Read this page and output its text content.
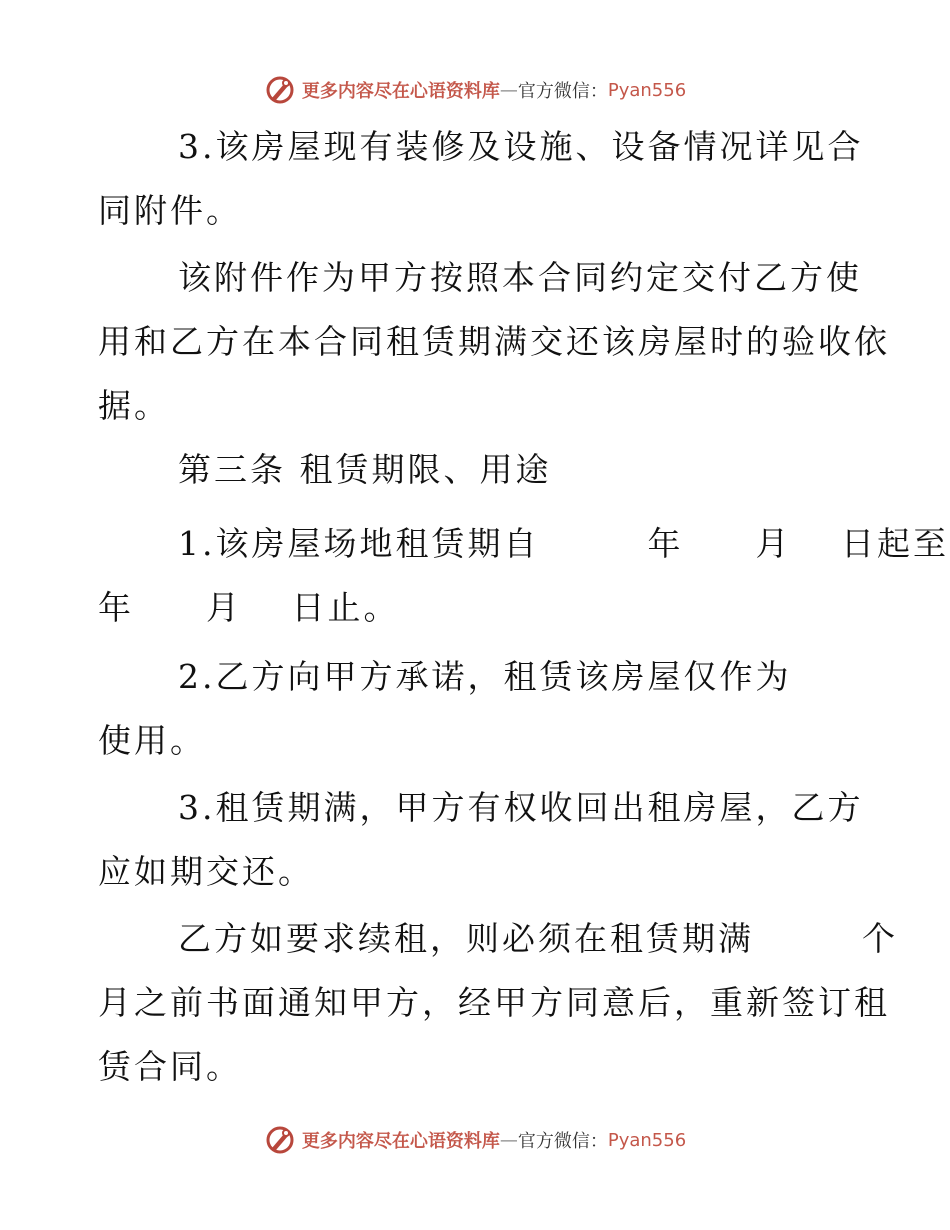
更多内容尽在心语资料库 — 官方微信： Pyan556
3.该房屋现有装修及设施、设备情况详见合
同附件。
该附件作为甲方按照本合同约定交付乙方使
用和乙方在本合同租赁期满交还该房屋时的验收依
据。
第三条 租赁期限、用途
1.该房屋场地租赁期自　　　年　　月　 日起至
年　　月　 日止。
2.乙方向甲方承诺，租赁该房屋仅作为
使用。
3.租赁期满，甲方有权收回出租房屋，乙方
应如期交还。
乙方如要求续租，则必须在租赁期满　　　个
月之前书面通知甲方，经甲方同意后，重新签订租
赁合同。
更多内容尽在心语资料库 — 官方微信： Pyan556
